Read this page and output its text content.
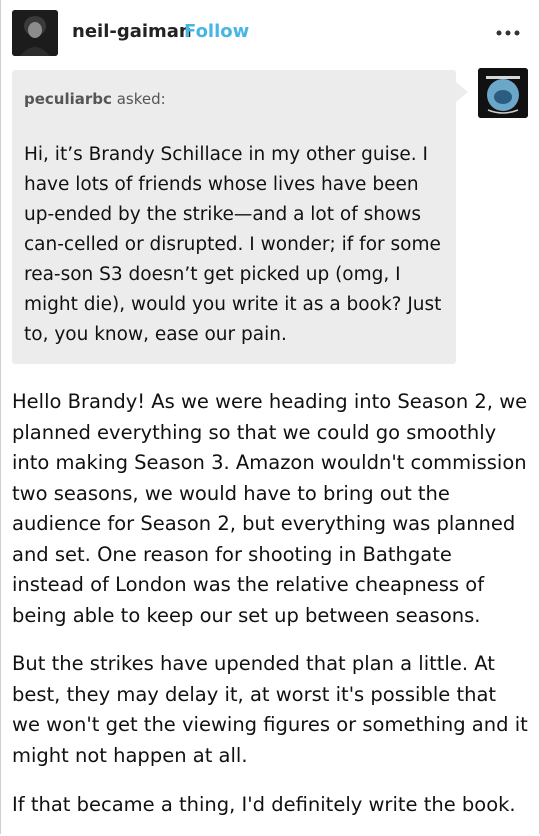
neil-gaiman
Follow
peculiarbc asked:

Hi, it’s Brandy Schillace in my other guise. I have lots of friends whose lives have been up-ended by the strike—and a lot of shows can-celled or disrupted. I wonder; if for some rea-son S3 doesn’t get picked up (omg, I might die), would you write it as a book? Just to, you know, ease our pain.

Hello Brandy! As we were heading into Season 2, we planned everything so that we could go smoothly into making Season 3. Amazon wouldn't commission two seasons, we would have to bring out the audience for Season 2, but everything was planned and set. One reason for shooting in Bathgate instead of London was the relative cheapness of being able to keep our set up between seasons.

But the strikes have upended that plan a little. At best, they may delay it, at worst it's possible that we won't get the viewing figures or something and it might not happen at all.

If that became a thing, I'd definitely write the book.
